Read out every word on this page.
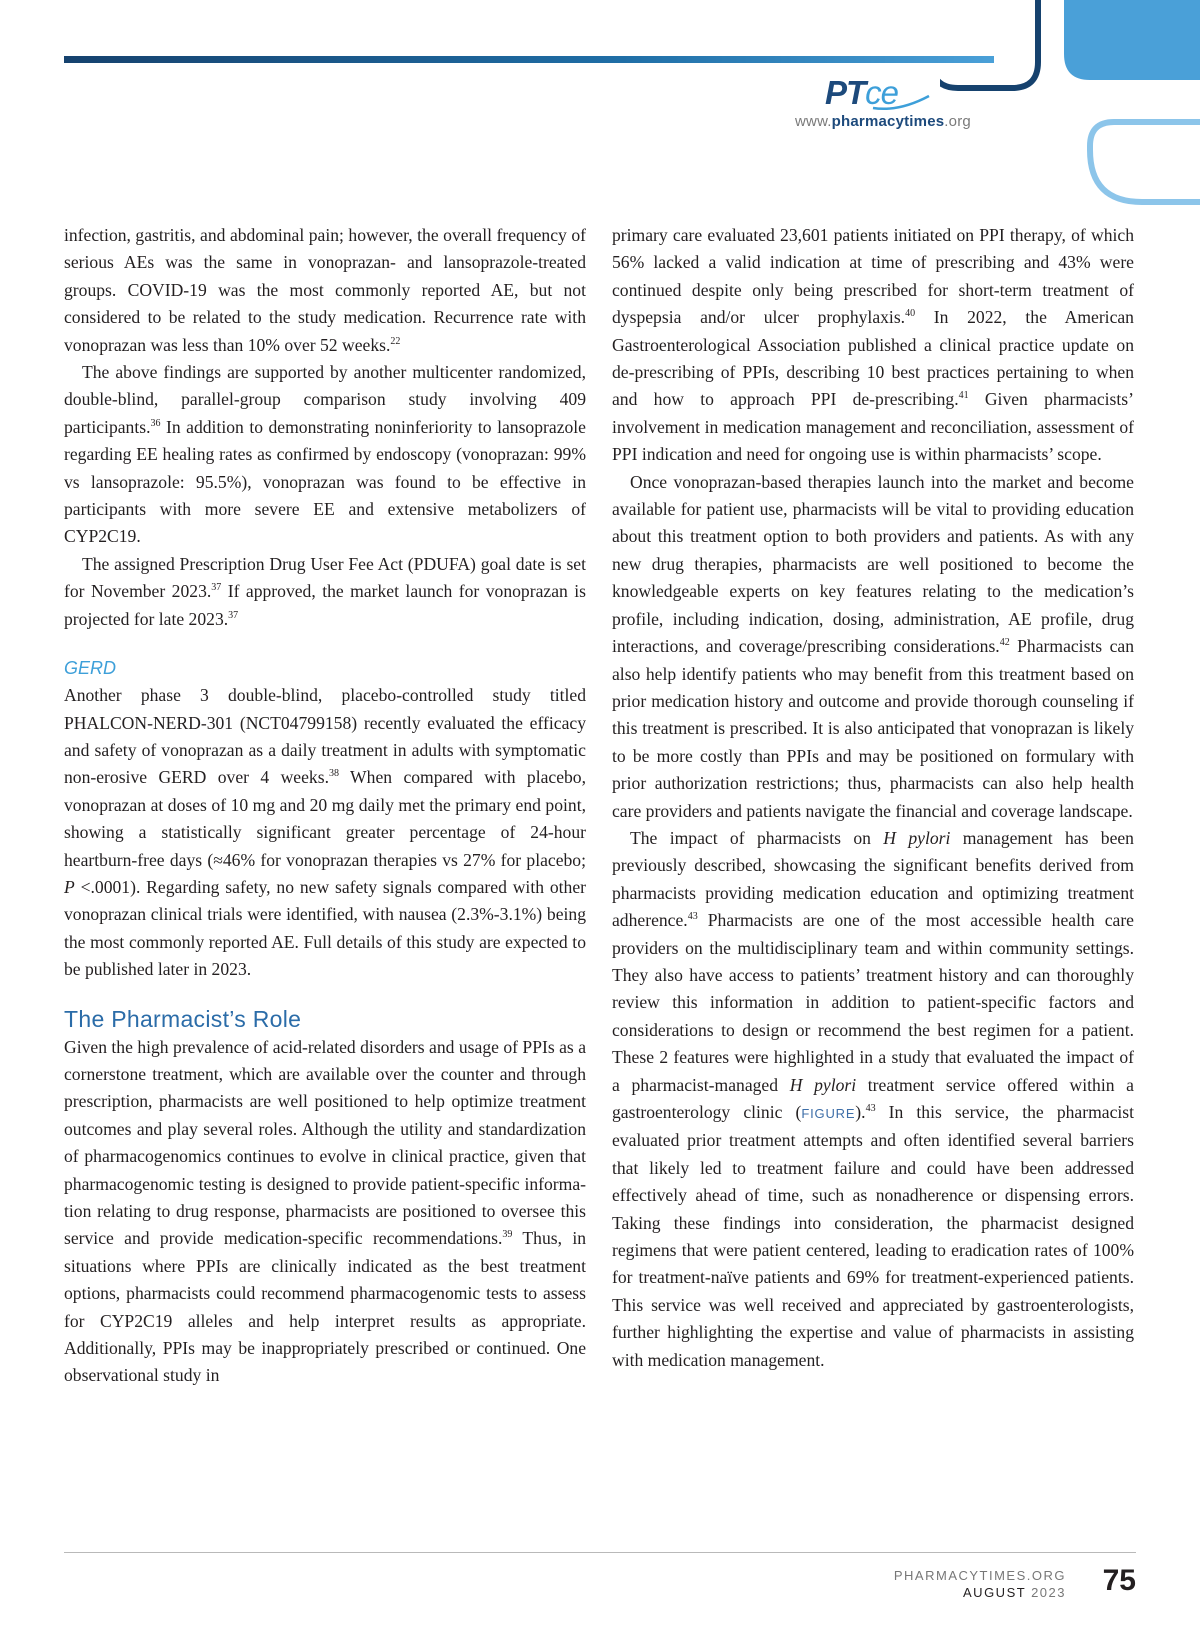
PTce
www.pharmacytimes.org

infection, gastritis, and abdominal pain; however, the overall frequency of serious AEs was the same in vonoprazan- and lansoprazole-treated groups. COVID-19 was the most commonly reported AE, but not considered to be related to the study medication. Recurrence rate with vonoprazan was less than 10% over 52 weeks.$^{22}$

The above findings are supported by another multicenter randomized, double-blind, parallel-group comparison study involving 409 participants.$^{36}$ In addition to demonstrating noninferiority to lansoprazole regarding EE healing rates as confirmed by endoscopy (vonoprazan: 99% vs lansoprazole: 95.5%), vonoprazan was found to be effective in participants with more severe EE and extensive metabolizers of CYP2C19.

The assigned Prescription Drug User Fee Act (PDUFA) goal date is set for November 2023.37 If approved, the market launch for vonoprazan is projected for late 2023.37

GERD

Another phase 3 double-blind, placebo-controlled study titled PHALCON-NERD-301 (NCT04799158) recently evaluated the efficacy and safety of vonoprazan as a daily treatment in adults with symptomatic non-erosive GERD over 4 weeks.$^{38}$ When compared with placebo, vonoprazan at doses of 10 mg and 20 mg daily met the primary end point, showing a statistically significant greater percentage of 24-hour heartburn-free days (≈46% for vonoprazan therapies vs 27% for placebo; P <.0001). Regarding safety, no new safety signals compared with other vonoprazan clinical trials were identified, with nausea (2.3%-3.1%) being the most commonly reported AE. Full details of this study are expected to be published later in 2023.

The Pharmacist’s Role

Given the high prevalence of acid-related disorders and usage of PPIs as a cornerstone treatment, which are available over the counter and through prescription, pharmacists are well positioned to help optimize treatment outcomes and play several roles. Although the utility and standardization of pharmacogenomics continues to evolve in clinical practice, given that pharmacogenomic testing is designed to provide patient-specific information relating to drug response, pharmacists are positioned to oversee this service and provide medication-specific recommendations.$^{39}$ Thus, in situations where PPIs are clinically indicated as the best treatment options, pharmacists could recommend pharmacogenomic tests to assess for CYP2C19 alleles and help interpret results as appropriate. Additionally, PPIs may be inappropriately prescribed or continued. One observational study in

primary care evaluated 23,601 patients initiated on PPI therapy, of which 56% lacked a valid indication at time of prescribing and 43% were continued despite only being prescribed for short-term treatment of dyspepsia and/or ulcer prophylaxis.$^{40}$ In 2022, the American Gastroenterological Association published a clinical practice update on de-prescribing of PPIs, describing 10 best practices pertaining to when and how to approach PPI de-prescribing.$^{41}$ Given pharmacists’ involvement in medication management and reconciliation, assessment of PPI indication and need for ongoing use is within pharmacists’ scope.

Once vonoprazan-based therapies launch into the market and become available for patient use, pharmacists will be vital to providing education about this treatment option to both providers and patients. As with any new drug therapies, pharmacists are well positioned to become the knowledgeable experts on key features relating to the medication’s profile, including indication, dosing, administration, AE profile, drug interactions, and coverage/prescribing considerations.$^{42}$ Pharmacists can also help identify patients who may benefit from this treatment based on prior medication history and outcome and provide thorough counseling if this treatment is prescribed. It is also anticipated that vonoprazan is likely to be more costly than PPIs and may be positioned on formulary with prior authorization restrictions; thus, pharmacists can also help health care providers and patients navigate the financial and coverage landscape.

The impact of pharmacists on H pylori management has been previously described, showcasing the significant benefits derived from pharmacists providing medication education and optimizing treatment adherence.$^{43}$ Pharmacists are one of the most accessible health care providers on the multidisciplinary team and within community settings. They also have access to patients’ treatment history and can thoroughly review this information in addition to patient-specific factors and considerations to design or recommend the best regimen for a patient. These 2 features were highlighted in a study that evaluated the impact of a pharmacist-managed H pylori treatment service offered within a gastroenterology clinic (FIGURE).$^{43}$ In this service, the pharmacist evaluated prior treatment attempts and often identified several barriers that likely led to treatment failure and could have been addressed effectively ahead of time, such as nonadherence or dispensing errors. Taking these findings into consideration, the pharmacist designed regimens that were patient centered, leading to eradication rates of 100% for treatment-naïve patients and 69% for treatment-experienced patients. This service was well received and appreciated by gastroenterologists, further highlighting the expertise and value of pharmacists in assisting with medication management.

PHARMACYTIMES.ORG
AUGUST 2023 75
